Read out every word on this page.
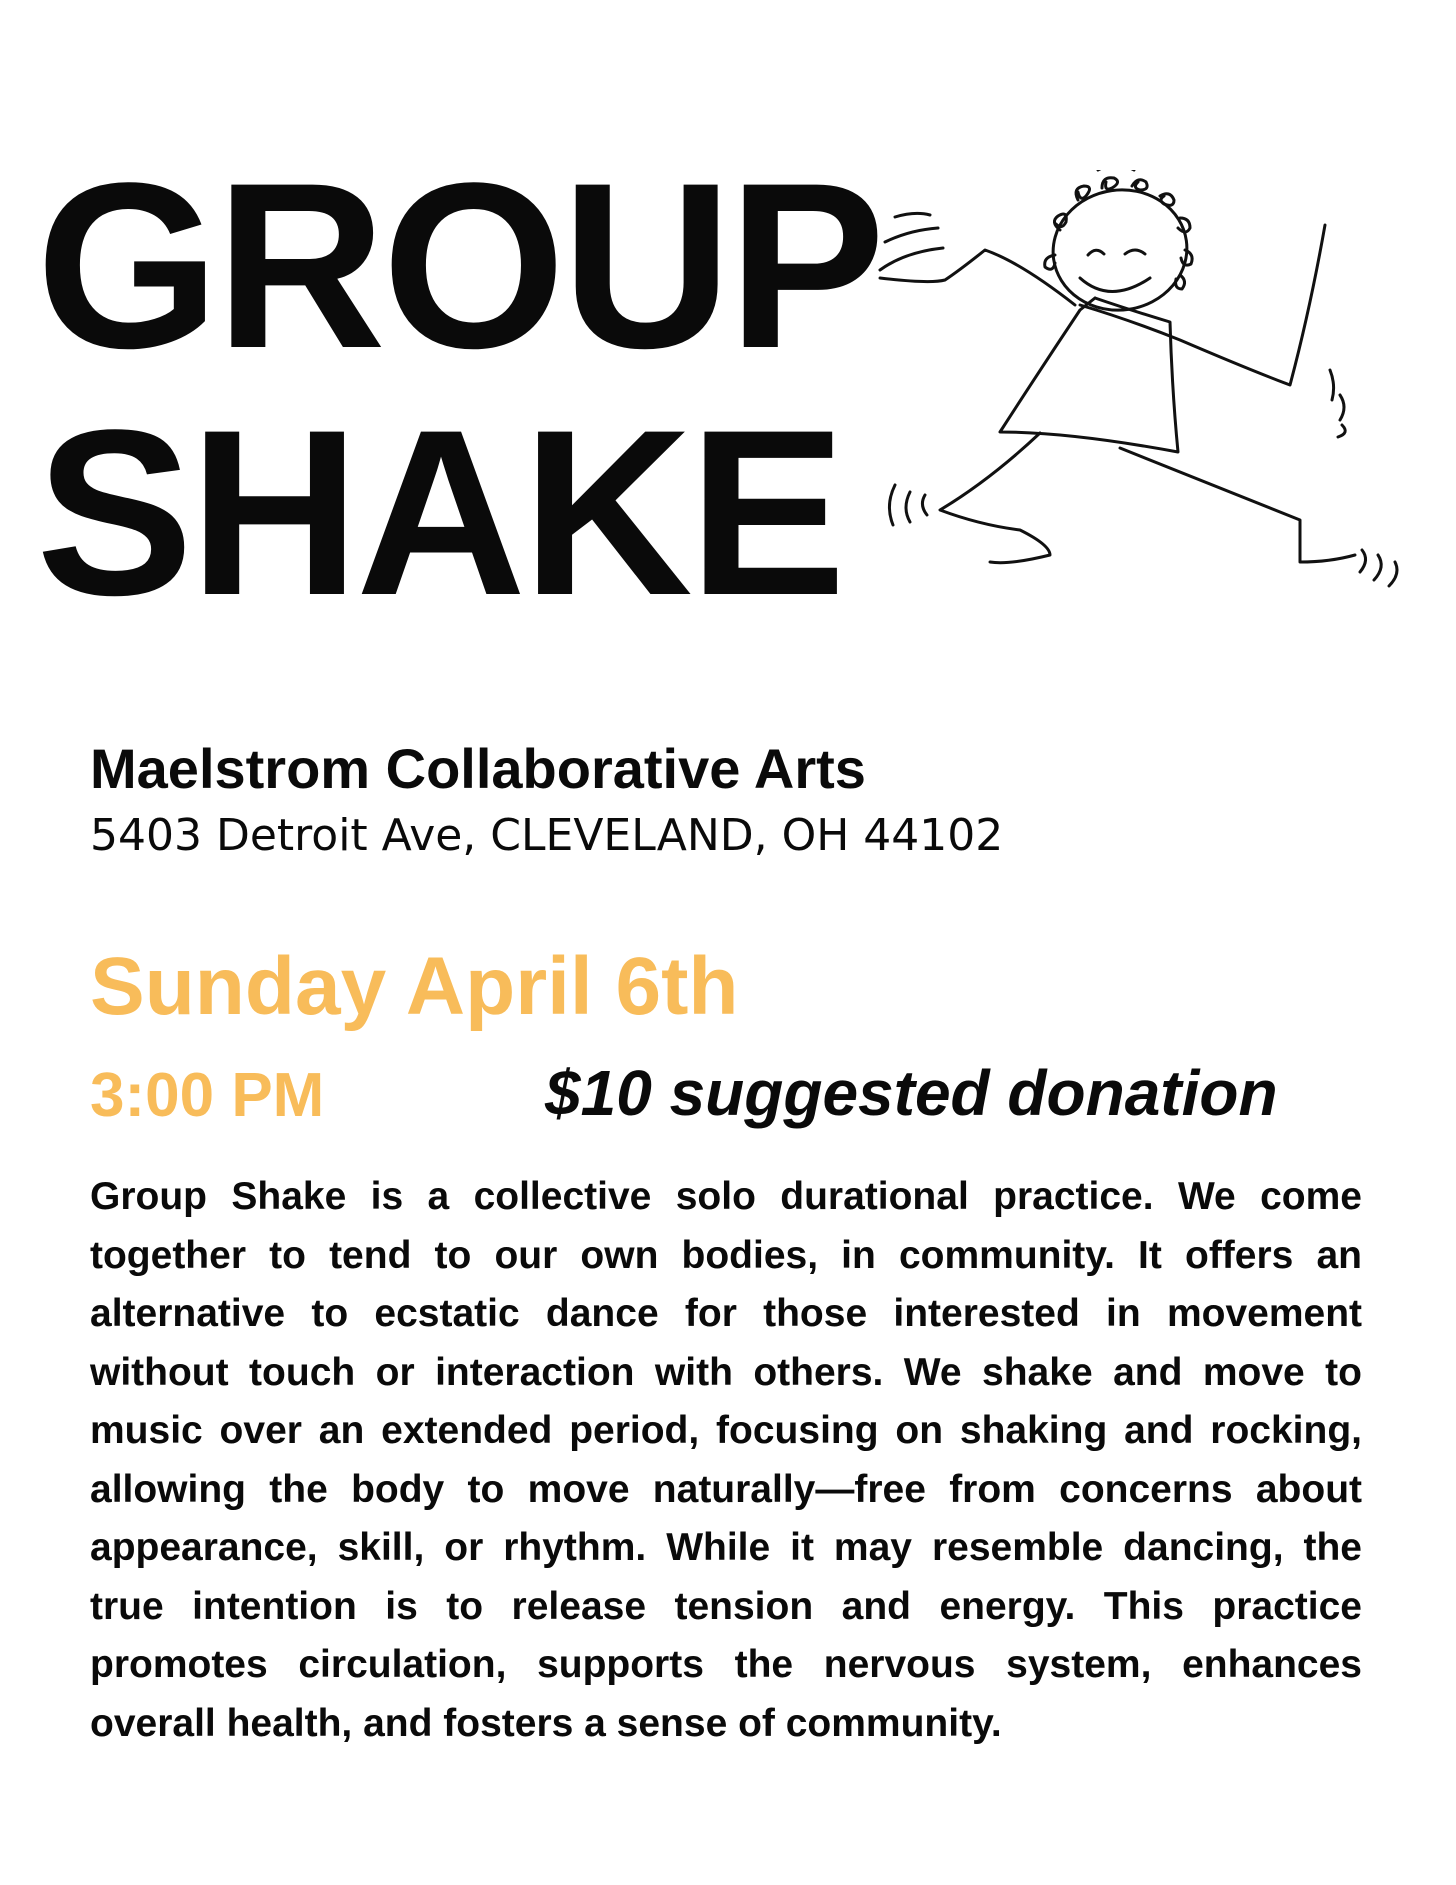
GROUP
SHAKE
Maelstrom Collaborative Arts

5403 Detroit Ave, CLEVELAND, OH 44102

Sunday April 6th

3:00 PM	$10 suggested donation

Group Shake is a collective solo durational practice. We come together to tend to our own bodies, in community. It offers an alternative to ecstatic dance for those interested in movement without touch or interaction with others. We shake and move to music over an extended period, focusing on shaking and rocking, allowing the body to move naturally—free from concerns about appearance, skill, or rhythm. While it may resemble dancing, the true intention is to release tension and energy. This practice promotes circulation, supports the nervous system, enhances overall health, and fosters a sense of community.
